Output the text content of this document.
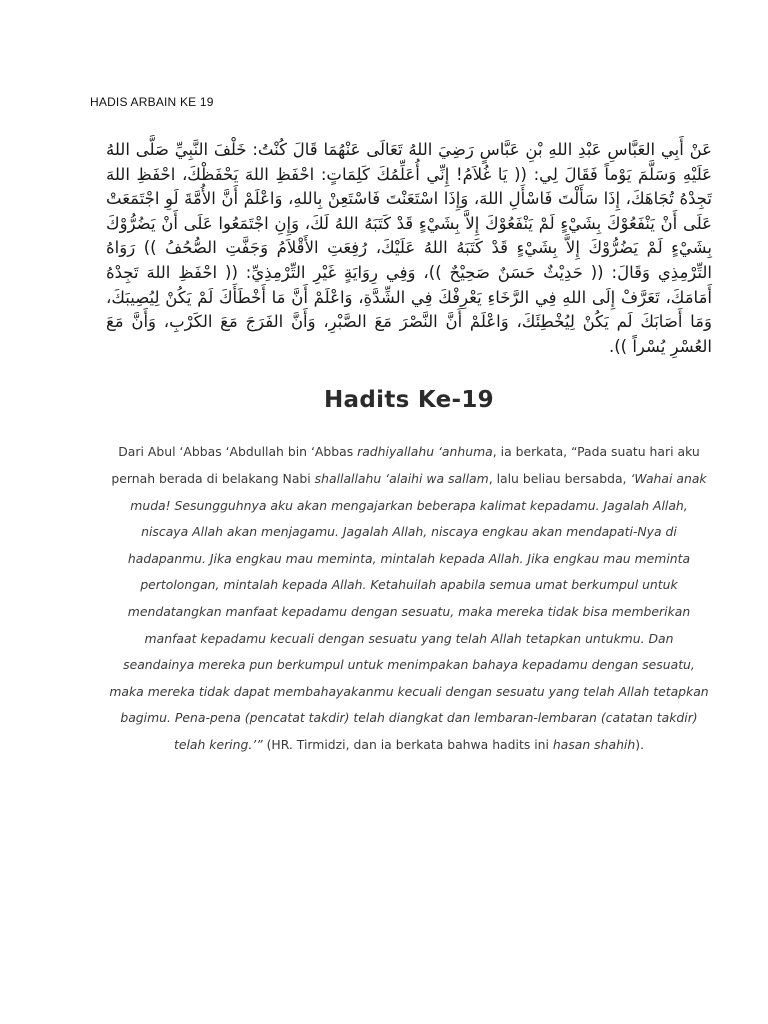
HADIS ARBAIN KE 19

عَنْ أَبِي العَبَّاسِ عَبْدِ اللهِ بْنِ عَبَّاسٍ رَضِيَ اللهُ تَعَالَى عَنْهُمَا قَالَ كُنْتُ: خَلْفَ النَّبِيِّ صَلَّى اللهُ عَلَيْهِ وَسَلَّمَ يَوْماً فَقَالَ لِي: (( يَا غُلاَمُ! إِنِّي أُعَلِّمُكَ كَلِمَاتٍ: احْفَظِ اللهَ يَحْفَظْكَ، احْفَظِ اللهَ تَجِدْهُ تُجَاهَكَ، إِذَا سَأَلْتَ فَاسْأَلِ اللهَ، وَإِذَا اسْتَعَنْتَ فَاسْتَعِنْ بِاللهِ، وَاعْلَمْ أَنَّ الأُمَّةَ لَوِ اجْتَمَعَتْ عَلَى أَنْ يَنْفَعُوْكَ بِشَيْءٍ لَمْ يَنْفَعُوْكَ إِلاَّ بِشَيْءٍ قَدْ كَتَبَهُ اللهُ لَكَ، وَإِنِ اجْتَمَعُوا عَلَى أَنْ يَضُرُّوْكَ بِشَيْءٍ لَمْ يَضُرُّوْكَ إِلاَّ بِشَيْءٍ قَدْ كَتَبَهُ اللهُ عَلَيْكَ، رُفِعَتِ الأَقْلاَمُ وَجَفَّتِ الصُّحُفُ )) رَوَاهُ التِّرْمِذِي وَقَالَ: (( حَدِيْثٌ حَسَنٌ صَحِيْحٌ ))، وَفِي رِوَايَةٍ غَيْرِ التِّرْمِذِيِّ: (( احْفَظِ اللهَ تَجِدْهُ أَمَامَكَ، تَعَرَّفْ إِلَى اللهِ فِي الرَّخَاءِ يَعْرِفْكَ فِي الشِّدَّةِ، وَاعْلَمْ أَنَّ مَا أَخْطَأَكَ لَمْ يَكُنْ لِيُصِيبَكَ، وَمَا أَصَابَكَ لَم يَكُنْ لِيُخْطِئَكَ، وَاعْلَمْ أَنَّ النَّصْرَ مَعَ الصَّبْرِ، وَأَنَّ الفَرَجَ مَعَ الكَرْبِ، وَأَنَّ مَعَ العُسْرِ يُسْراً )).

Hadits Ke-19

Dari Abul ‘Abbas ‘Abdullah bin ‘Abbas radhiyallahu ‘anhuma, ia berkata, “Pada suatu hari aku pernah berada di belakang Nabi shallallahu ‘alaihi wa sallam, lalu beliau bersabda, ‘Wahai anak muda! Sesungguhnya aku akan mengajarkan beberapa kalimat kepadamu. Jagalah Allah, niscaya Allah akan menjagamu. Jagalah Allah, niscaya engkau akan mendapati-Nya di hadapanmu. Jika engkau mau meminta, mintalah kepada Allah. Jika engkau mau meminta pertolongan, mintalah kepada Allah. Ketahuilah apabila semua umat berkumpul untuk mendatangkan manfaat kepadamu dengan sesuatu, maka mereka tidak bisa memberikan manfaat kepadamu kecuali dengan sesuatu yang telah Allah tetapkan untukmu. Dan seandainya mereka pun berkumpul untuk menimpakan bahaya kepadamu dengan sesuatu, maka mereka tidak dapat membahayakanmu kecuali dengan sesuatu yang telah Allah tetapkan bagimu. Pena-pena (pencatat takdir) telah diangkat dan lembaran-lembaran (catatan takdir) telah kering.’” (HR. Tirmidzi, dan ia berkata bahwa hadits ini hasan shahih).
